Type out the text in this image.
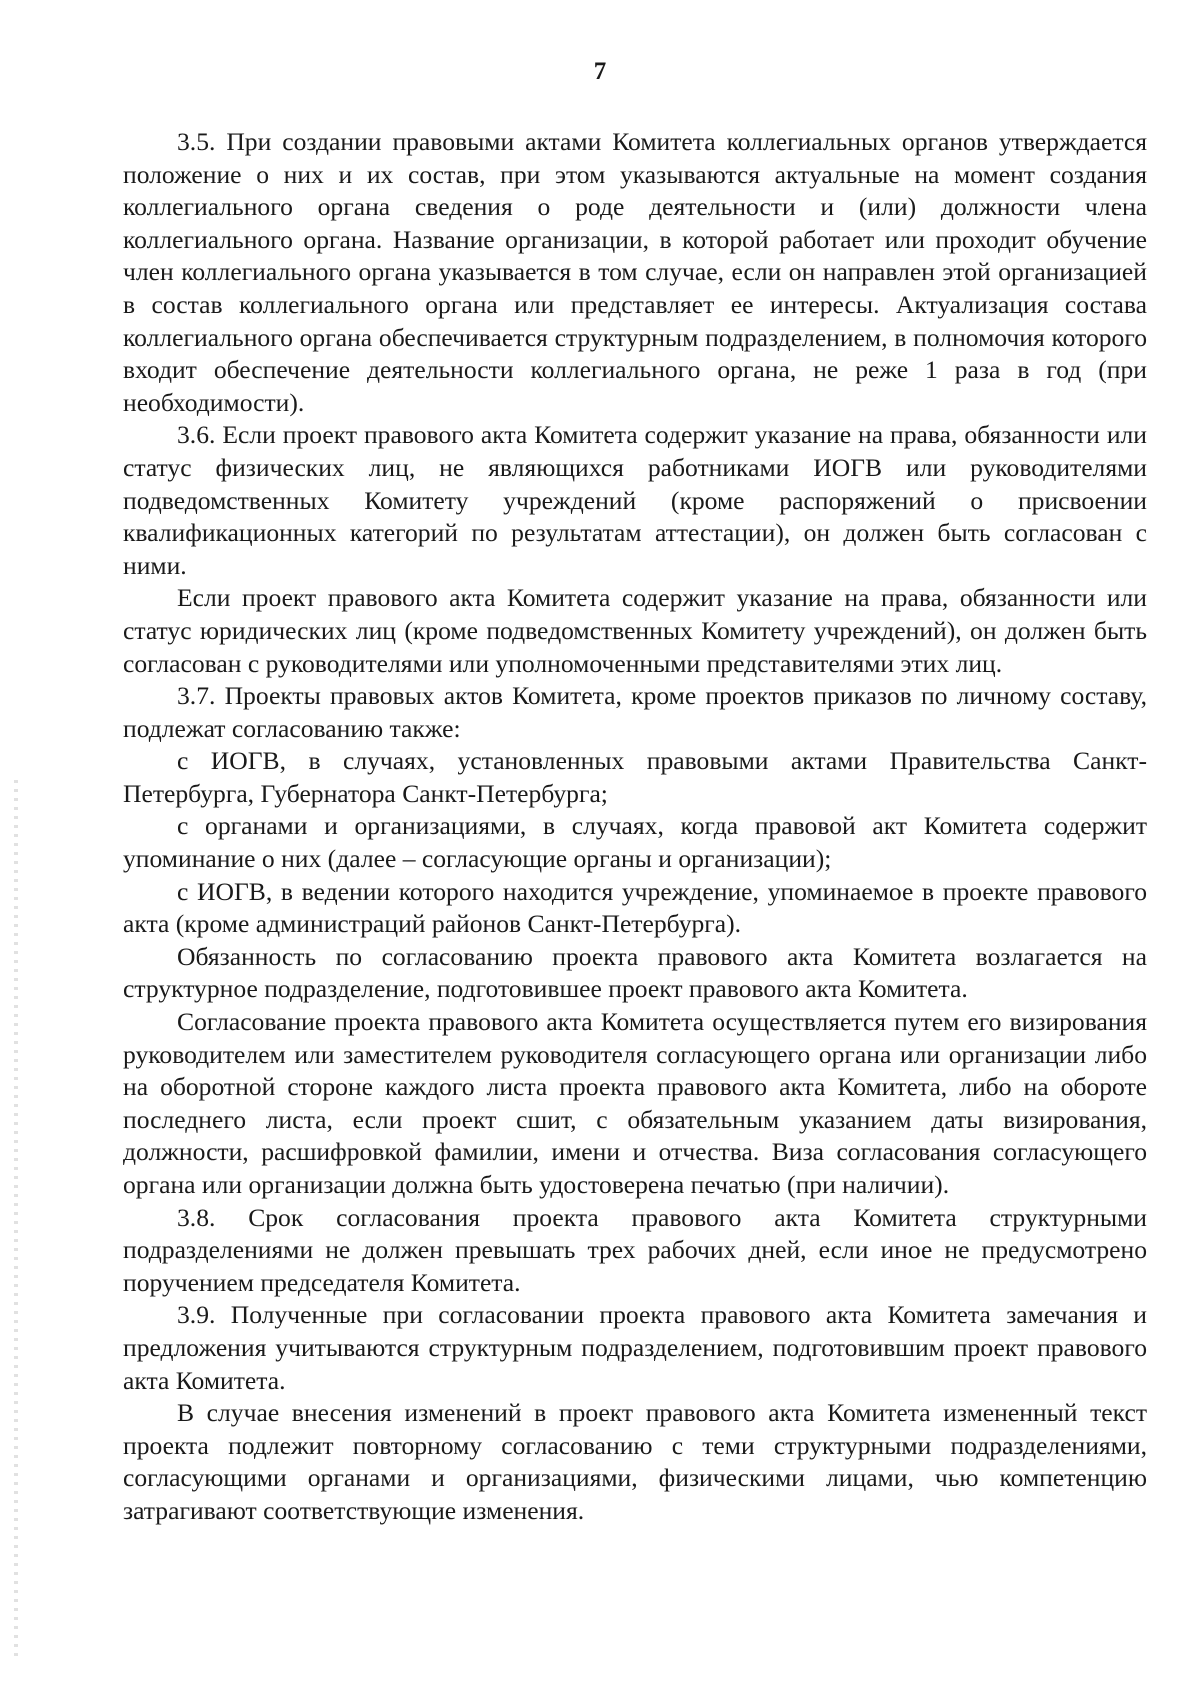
7

3.5. При создании правовыми актами Комитета коллегиальных органов утверждается положение о них и их состав, при этом указываются актуальные на момент создания коллегиального органа сведения о роде деятельности и (или) должности члена коллегиального органа. Название организации, в которой работает или проходит обучение член коллегиального органа указывается в том случае, если он направлен этой организацией в состав коллегиального органа или представляет ее интересы. Актуализация состава коллегиального органа обеспечивается структурным подразделением, в полномочия которого входит обеспечение деятельности коллегиального органа, не реже 1 раза в год (при необходимости).

3.6. Если проект правового акта Комитета содержит указание на права, обязанности или статус физических лиц, не являющихся работниками ИОГВ или руководителями подведомственных Комитету учреждений (кроме распоряжений о присвоении квалификационных категорий по результатам аттестации), он должен быть согласован с ними.

Если проект правового акта Комитета содержит указание на права, обязанности или статус юридических лиц (кроме подведомственных Комитету учреждений), он должен быть согласован с руководителями или уполномоченными представителями этих лиц.

3.7. Проекты правовых актов Комитета, кроме проектов приказов по личному составу, подлежат согласованию также:

с ИОГВ, в случаях, установленных правовыми актами Правительства Санкт-Петербурга, Губернатора Санкт-Петербурга;

с органами и организациями, в случаях, когда правовой акт Комитета содержит упоминание о них (далее – согласующие органы и организации);

с ИОГВ, в ведении которого находится учреждение, упоминаемое в проекте правового акта (кроме администраций районов Санкт-Петербурга).

Обязанность по согласованию проекта правового акта Комитета возлагается на структурное подразделение, подготовившее проект правового акта Комитета.

Согласование проекта правового акта Комитета осуществляется путем его визирования руководителем или заместителем руководителя согласующего органа или организации либо на оборотной стороне каждого листа проекта правового акта Комитета, либо на обороте последнего листа, если проект сшит, с обязательным указанием даты визирования, должности, расшифровкой фамилии, имени и отчества. Виза согласования согласующего органа или организации должна быть удостоверена печатью (при наличии).

3.8. Срок согласования проекта правового акта Комитета структурными подразделениями не должен превышать трех рабочих дней, если иное не предусмотрено поручением председателя Комитета.

3.9. Полученные при согласовании проекта правового акта Комитета замечания и предложения учитываются структурным подразделением, подготовившим проект правового акта Комитета.

В случае внесения изменений в проект правового акта Комитета измененный текст проекта подлежит повторному согласованию с теми структурными подразделениями, согласующими органами и организациями, физическими лицами, чью компетенцию затрагивают соответствующие изменения.
